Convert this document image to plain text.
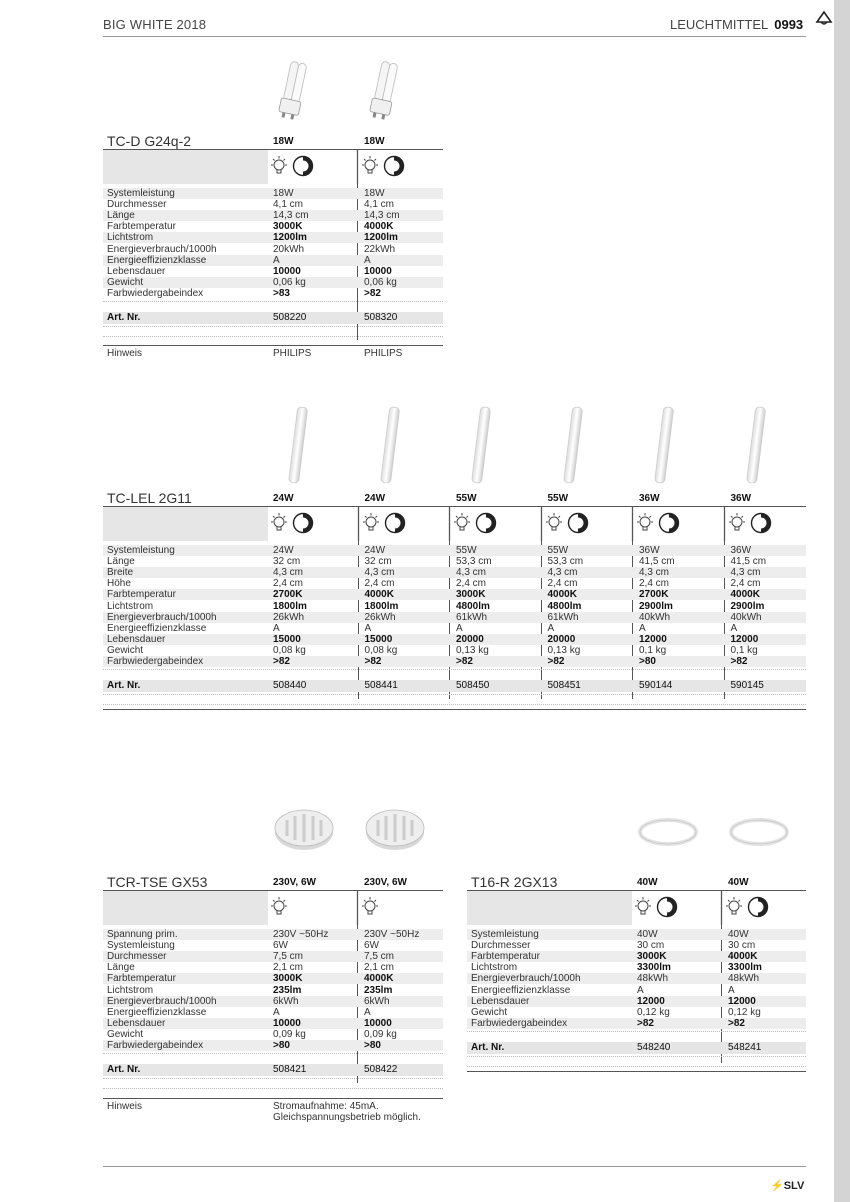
BIG WHITE 2018	LEUCHTMITTEL 0993
⚡SLV
TC-D G24q-2	18W	18W
Systemleistung	18W	18W
Durchmesser	4,1 cm	4,1 cm
Länge	14,3 cm	14,3 cm
Farbtemperatur	3000K	4000K
Lichtstrom	1200lm	1200lm
Energieverbrauch/1000h	20kWh	22kWh
Energieeffizienzklasse	A	A
Lebensdauer	10000	10000
Gewicht	0,06 kg	0,06 kg
Farbwiedergabeindex	>83	>82
Art. Nr.	508220	508320
Hinweis	PHILIPS	PHILIPS
TC-LEL 2G11	24W	24W	55W	55W	36W	36W
Systemleistung	24W	24W	55W	55W	36W	36W
Länge	32 cm	32 cm	53,3 cm	53,3 cm	41,5 cm	41,5 cm
Breite	4,3 cm	4,3 cm	4,3 cm	4,3 cm	4,3 cm	4,3 cm
Höhe	2,4 cm	2,4 cm	2,4 cm	2,4 cm	2,4 cm	2,4 cm
Farbtemperatur	2700K	4000K	3000K	4000K	2700K	4000K
Lichtstrom	1800lm	1800lm	4800lm	4800lm	2900lm	2900lm
Energieverbrauch/1000h	26kWh	26kWh	61kWh	61kWh	40kWh	40kWh
Energieeffizienzklasse	A	A	A	A	A	A
Lebensdauer	15000	15000	20000	20000	12000	12000
Gewicht	0,08 kg	0,08 kg	0,13 kg	0,13 kg	0,1 kg	0,1 kg
Farbwiedergabeindex	>82	>82	>82	>82	>80	>82
Art. Nr.	508440	508441	508450	508451	590144	590145
TCR-TSE GX53	230V, 6W	230V, 6W
Spannung prim.	230V ~50Hz	230V ~50Hz
Systemleistung	6W	6W
Durchmesser	7,5 cm	7,5 cm
Länge	2,1 cm	2,1 cm
Farbtemperatur	3000K	4000K
Lichtstrom	235lm	235lm
Energieverbrauch/1000h	6kWh	6kWh
Energieeffizienzklasse	A	A
Lebensdauer	10000	10000
Gewicht	0,09 kg	0,09 kg
Farbwiedergabeindex	>80	>80
Art. Nr.	508421	508422
Hinweis	Stromaufnahme: 45mA.
Gleichspannungsbetrieb möglich.
T16-R 2GX13	40W	40W
Systemleistung	40W	40W
Durchmesser	30 cm	30 cm
Farbtemperatur	3000K	4000K
Lichtstrom	3300lm	3300lm
Energieverbrauch/1000h	48kWh	48kWh
Energieeffizienzklasse	A	A
Lebensdauer	12000	12000
Gewicht	0,12 kg	0,12 kg
Farbwiedergabeindex	>82	>82
Art. Nr.	548240	548241
